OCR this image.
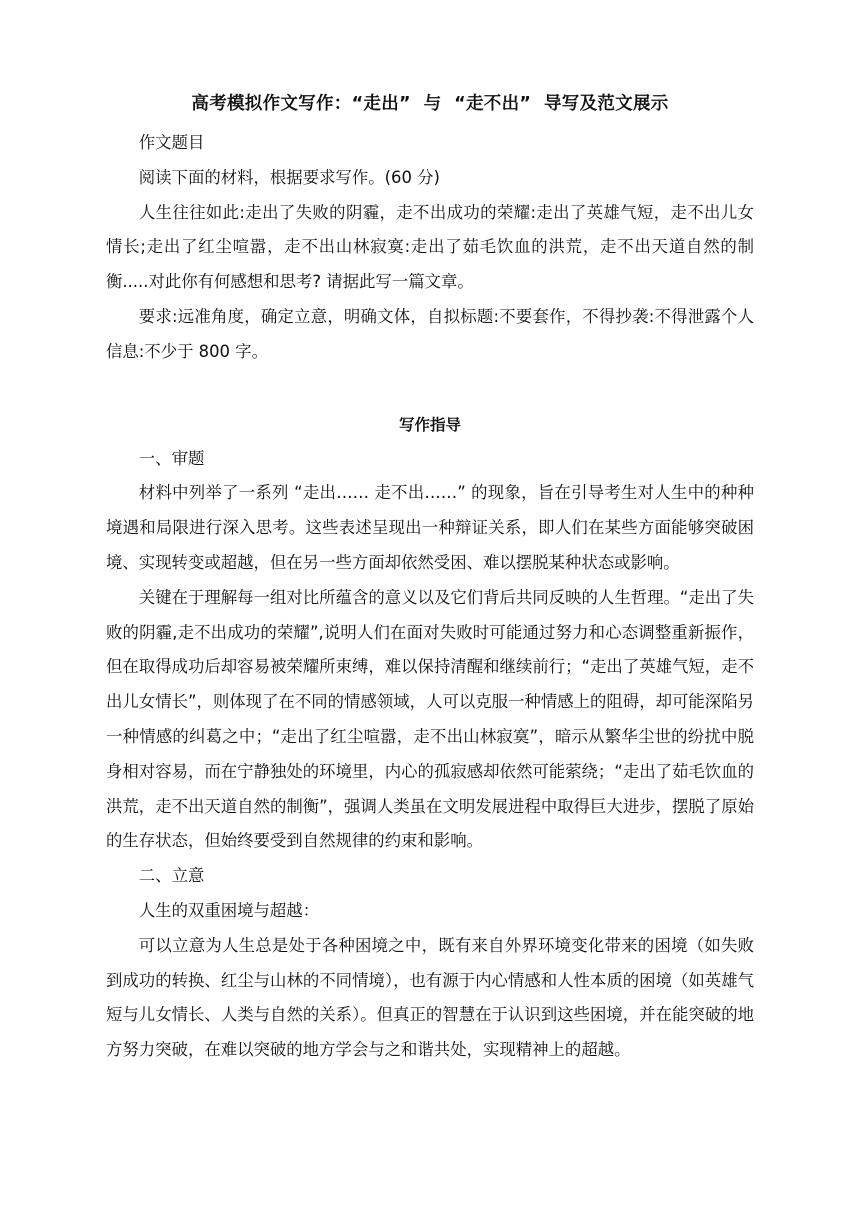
高考模拟作文写作：“走出”  与  “走不出”  导写及范文展示

作文题目

阅读下面的材料，根据要求写作。(60 分)

人生往往如此:走出了失败的阴霾，走不出成功的荣耀:走出了英雄气短，走不出儿女情长;走出了红尘喧嚣，走不出山林寂寞:走出了茹毛饮血的洪荒，走不出天道自然的制衡.....对此你有何感想和思考? 请据此写一篇文章。

要求:远准角度，确定立意，明确文体，自拟标题:不要套作，不得抄袭:不得泄露个人信息:不少于 800 字。

写作指导

一、审题

材料中列举了一系列 “走出…… 走不出……” 的现象，旨在引导考生对人生中的种种境遇和局限进行深入思考。这些表述呈现出一种辩证关系，即人们在某些方面能够突破困境、实现转变或超越，但在另一些方面却依然受困、难以摆脱某种状态或影响。

关键在于理解每一组对比所蕴含的意义以及它们背后共同反映的人生哲理。“走出了失败的阴霾,走不出成功的荣耀”,说明人们在面对失败时可能通过努力和心态调整重新振作，但在取得成功后却容易被荣耀所束缚，难以保持清醒和继续前行；“走出了英雄气短，走不出儿女情长”，则体现了在不同的情感领域，人可以克服一种情感上的阻碍，却可能深陷另一种情感的纠葛之中；“走出了红尘喧嚣，走不出山林寂寞”，暗示从繁华尘世的纷扰中脱身相对容易，而在宁静独处的环境里，内心的孤寂感却依然可能萦绕；“走出了茹毛饮血的洪荒，走不出天道自然的制衡”，强调人类虽在文明发展进程中取得巨大进步，摆脱了原始的生存状态，但始终要受到自然规律的约束和影响。

二、立意

人生的双重困境与超越：

可以立意为人生总是处于各种困境之中，既有来自外界环境变化带来的困境（如失败到成功的转换、红尘与山林的不同情境），也有源于内心情感和人性本质的困境（如英雄气短与儿女情长、人类与自然的关系）。但真正的智慧在于认识到这些困境，并在能突破的地方努力突破，在难以突破的地方学会与之和谐共处，实现精神上的超越。
